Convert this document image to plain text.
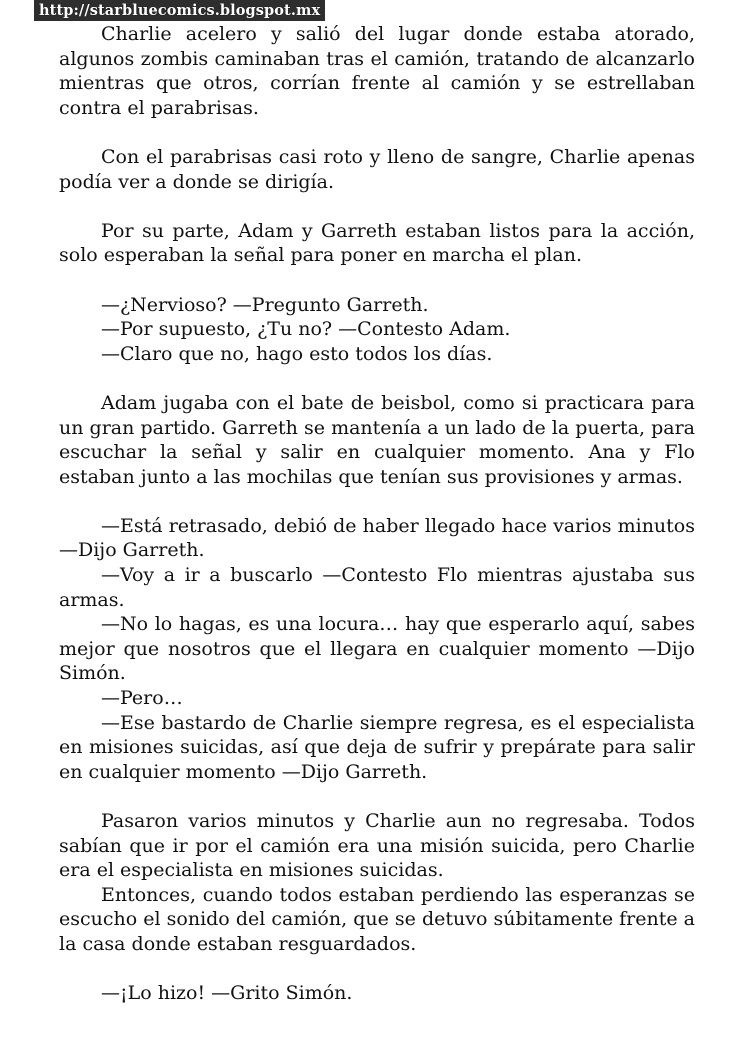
http://starbluecomics.blogspot.mx

Charlie acelero y salió del lugar donde estaba atorado, algunos zombis caminaban tras el camión, tratando de alcanzarlo mientras que otros, corrían frente al camión y se estrellaban contra el parabrisas.

Con el parabrisas casi roto y lleno de sangre, Charlie apenas podía ver a donde se dirigía.

Por su parte, Adam y Garreth estaban listos para la acción, solo esperaban la señal para poner en marcha el plan.

—¿Nervioso? —Pregunto Garreth.

—Por supuesto, ¿Tu no? —Contesto Adam.

—Claro que no, hago esto todos los días.

Adam jugaba con el bate de beisbol, como si practicara para un gran partido. Garreth se mantenía a un lado de la puerta, para escuchar la señal y salir en cualquier momento. Ana y Flo estaban junto a las mochilas que tenían sus provisiones y armas.

—Está retrasado, debió de haber llegado hace varios minutos —Dijo Garreth.

—Voy a ir a buscarlo —Contesto Flo mientras ajustaba sus armas.

—No lo hagas, es una locura… hay que esperarlo aquí, sabes mejor que nosotros que el llegara en cualquier momento —Dijo Simón.

—Pero…

—Ese bastardo de Charlie siempre regresa, es el especialista en misiones suicidas, así que deja de sufrir y prepárate para salir en cualquier momento —Dijo Garreth.

Pasaron varios minutos y Charlie aun no regresaba. Todos sabían que ir por el camión era una misión suicida, pero Charlie era el especialista en misiones suicidas.

Entonces, cuando todos estaban perdiendo las esperanzas se escucho el sonido del camión, que se detuvo súbitamente frente a la casa donde estaban resguardados.

—¡Lo hizo! —Grito Simón.
